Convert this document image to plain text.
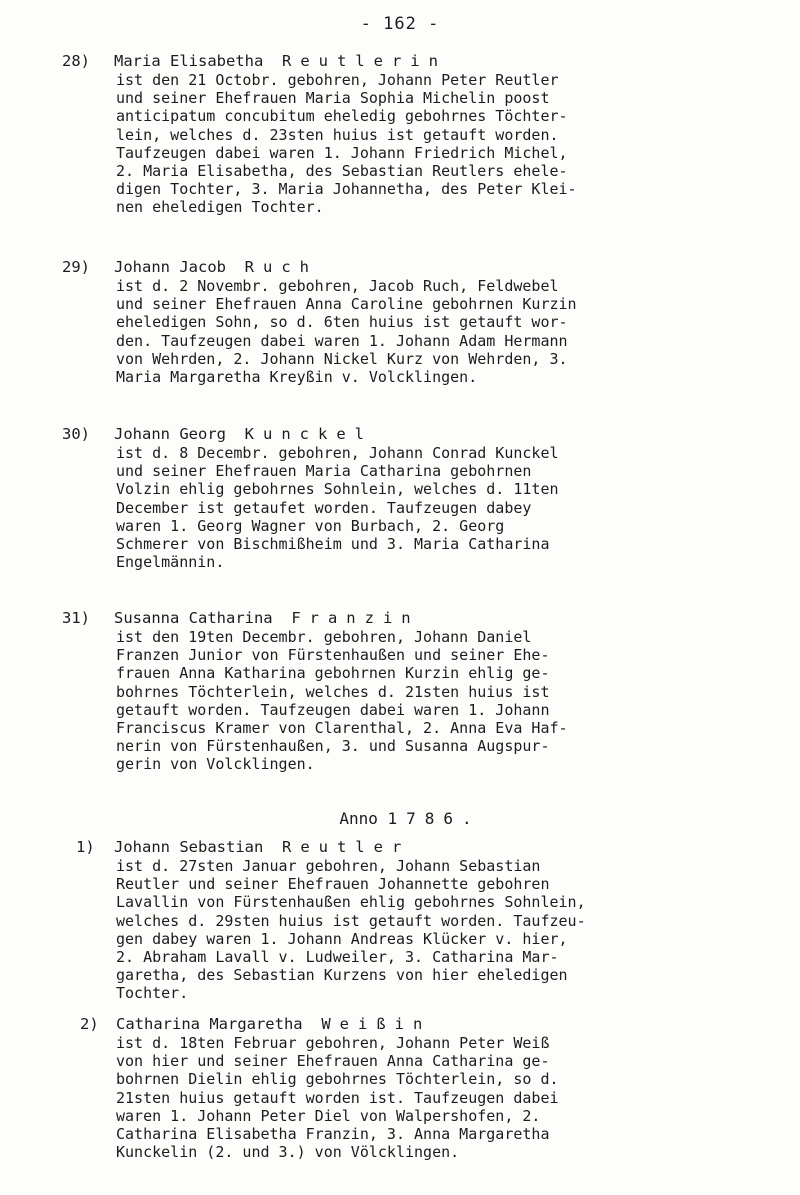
- 162 -
28) Maria Elisabetha Reutlerin
ist den 21 Octobr. gebohren, Johann Peter Reutler
und seiner Ehefrauen Maria Sophia Michelin poost
anticipatum concubitum eheledig gebohrnes Töchter-
lein, welches d. 23sten huius ist getauft worden.
Taufzeugen dabei waren 1. Johann Friedrich Michel,
2. Maria Elisabetha, des Sebastian Reutlers ehele-
digen Tochter, 3. Maria Johannetha, des Peter Klei-
nen eheledigen Tochter.
29) Johann Jacob Ruch
ist d. 2 Novembr. gebohren, Jacob Ruch, Feldwebel
und seiner Ehefrauen Anna Caroline gebohrnen Kurzin
eheledigen Sohn, so d. 6ten huius ist getauft wor-
den. Taufzeugen dabei waren 1. Johann Adam Hermann
von Wehrden, 2. Johann Nickel Kurz von Wehrden, 3.
Maria Margaretha Kreyßin v. Volcklingen.
30) Johann Georg Kunckel
ist d. 8 Decembr. gebohren, Johann Conrad Kunckel
und seiner Ehefrauen Maria Catharina gebohrnen
Volzin ehlig gebohrnes Sohnlein, welches d. 11ten
December ist getaufet worden. Taufzeugen dabey
waren 1. Georg Wagner von Burbach, 2. Georg
Schmerer von Bischmißheim und 3. Maria Catharina
Engelmännin.
31) Susanna Catharina Franzin
ist den 19ten Decembr. gebohren, Johann Daniel
Franzen Junior von Fürstenhaußen und seiner Ehe-
frauen Anna Katharina gebohrnen Kurzin ehlig ge-
bohrnes Töchterlein, welches d. 21sten huius ist
getauft worden. Taufzeugen dabei waren 1. Johann
Franciscus Kramer von Clarenthal, 2. Anna Eva Haf-
nerin von Fürstenhaußen, 3. und Susanna Augspur-
gerin von Volcklingen.
Anno 1786.
1) Johann Sebastian Reutler
ist d. 27sten Januar gebohren, Johann Sebastian
Reutler und seiner Ehefrauen Johannette gebohren
Lavallin von Fürstenhaußen ehlig gebohrnes Sohnlein,
welches d. 29sten huius ist getauft worden. Taufzeu-
gen dabey waren 1. Johann Andreas Klücker v. hier,
2. Abraham Lavall v. Ludweiler, 3. Catharina Mar-
garetha, des Sebastian Kurzens von hier eheledigen
Tochter.
2) Catharina Margaretha Weißin
ist d. 18ten Februar gebohren, Johann Peter Weiß
von hier und seiner Ehefrauen Anna Catharina ge-
bohrnen Dielin ehlig gebohrnes Töchterlein, so d.
21sten huius getauft worden ist. Taufzeugen dabei
waren 1. Johann Peter Diel von Walpershofen, 2.
Catharina Elisabetha Franzin, 3. Anna Margaretha
Kunckelin (2. und 3.) von Völcklingen.
